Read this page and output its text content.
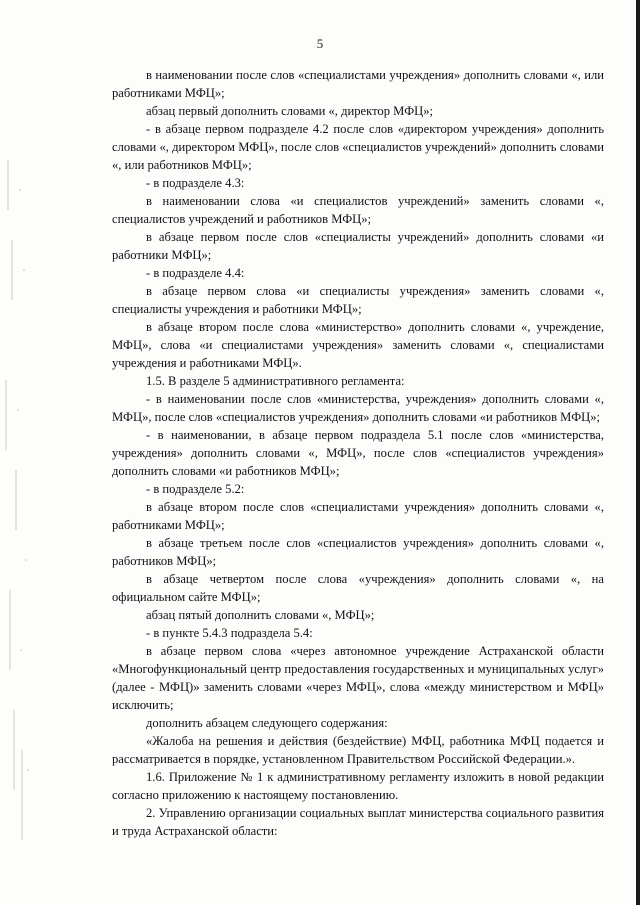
5

в наименовании после слов «специалистами учреждения» дополнить словами «, или работниками МФЦ»;

абзац первый дополнить словами «, директор МФЦ»;

- в абзаце первом подразделе 4.2 после слов «директором учреждения» дополнить словами «, директором МФЦ», после слов «специалистов учреждений» дополнить словами «, или работников МФЦ»;

- в подразделе 4.3:

в наименовании слова «и специалистов учреждений» заменить словами «, специалистов учреждений и работников МФЦ»;

в абзаце первом после слов «специалисты учреждений» дополнить словами «и работники МФЦ»;

- в подразделе 4.4:

в абзаце первом слова «и специалисты учреждения» заменить словами «, специалисты учреждения и работники МФЦ»;

в абзаце втором после слова «министерство» дополнить словами «, учреждение, МФЦ», слова «и специалистами учреждения» заменить словами «, специалистами учреждения и работниками МФЦ».

1.5. В разделе 5 административного регламента:

- в наименовании после слов «министерства, учреждения» дополнить словами «, МФЦ», после слов «специалистов учреждения» дополнить словами «и работников МФЦ»;

- в наименовании, в абзаце первом подраздела 5.1 после слов «министерства, учреждения» дополнить словами «, МФЦ», после слов «специалистов учреждения» дополнить словами «и работников МФЦ»;

- в подразделе 5.2:

в абзаце втором после слов «специалистами учреждения» дополнить словами «, работниками МФЦ»;

в абзаце третьем после слов «специалистов учреждения» дополнить словами «, работников МФЦ»;

в абзаце четвертом после слова «учреждения» дополнить словами «, на официальном сайте МФЦ»;

абзац пятый дополнить словами «, МФЦ»;

- в пункте 5.4.3 подраздела 5.4:

в абзаце первом слова «через автономное учреждение Астраханской области «Многофункциональный центр предоставления государственных и муниципальных услуг» (далее - МФЦ)» заменить словами «через МФЦ», слова «между министерством и МФЦ» исключить;

дополнить абзацем следующего содержания:

«Жалоба на решения и действия (бездействие) МФЦ, работника МФЦ подается и рассматривается в порядке, установленном Правительством Российской Федерации.».

1.6. Приложение № 1 к административному регламенту изложить в новой редакции согласно приложению к настоящему постановлению.

2. Управлению организации социальных выплат министерства социального развития и труда Астраханской области:
